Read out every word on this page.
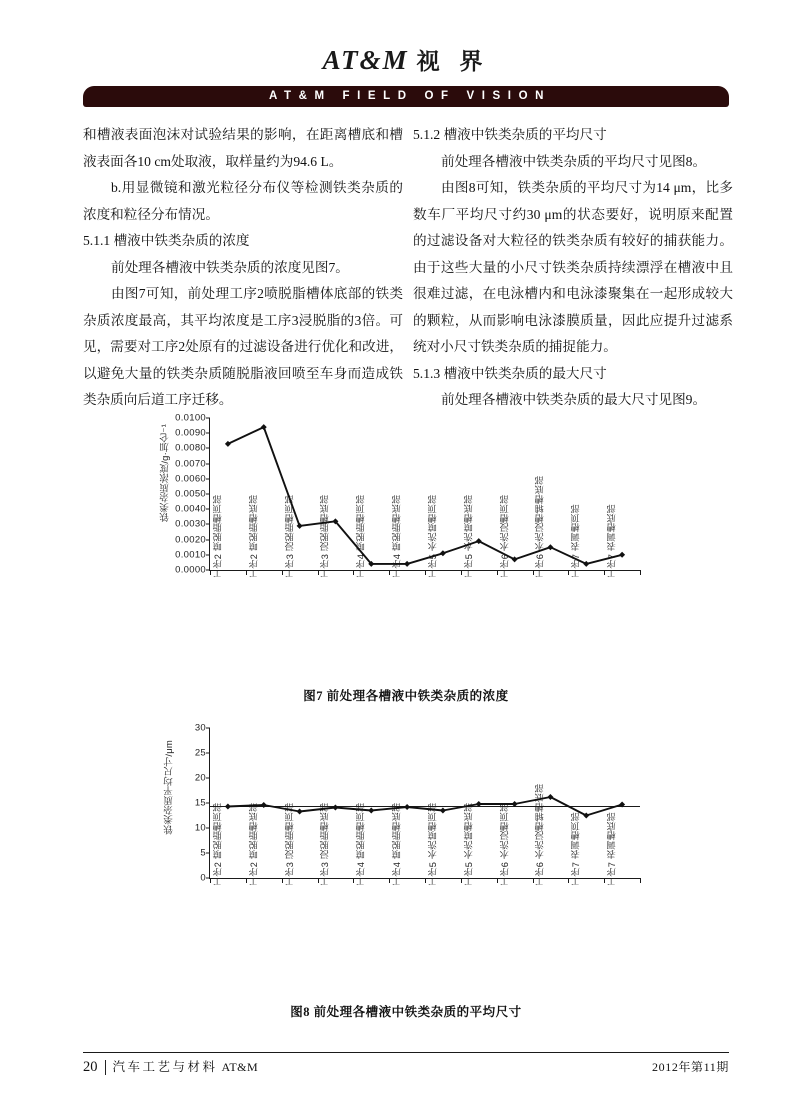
AT&M 视 界
AT&M FIELD OF VISION

和槽液表面泡沫对试验结果的影响，在距离槽底和槽液表面各10 cm处取液，取样量约为94.6 L。

b.用显微镜和激光粒径分布仪等检测铁类杂质的浓度和粒径分布情况。

5.1.1 槽液中铁类杂质的浓度

前处理各槽液中铁类杂质的浓度见图7。

由图7可知，前处理工序2喷脱脂槽体底部的铁类杂质浓度最高，其平均浓度是工序3浸脱脂的3倍。可见，需要对工序2处原有的过滤设备进行优化和改进，以避免大量的铁类杂质随脱脂液回喷至车身而造成铁类杂质向后道工序迁移。

5.1.2 槽液中铁类杂质的平均尺寸

前处理各槽液中铁类杂质的平均尺寸见图8。

由图8可知，铁类杂质的平均尺寸为14 μm，比多数车厂平均尺寸约30 μm的状态要好，说明原来配置的过滤设备对大粒径的铁类杂质有较好的捕获能力。由于这些大量的小尺寸铁类杂质持续漂浮在槽液中且很难过滤，在电泳槽内和电泳漆聚集在一起形成较大的颗粒，从而影响电泳漆膜质量，因此应提升过滤系统对小尺寸铁类杂质的捕捉能力。

5.1.3 槽液中铁类杂质的最大尺寸

前处理各槽液中铁类杂质的最大尺寸见图9。

铁类杂质浓度/g·加仑⁻¹
0.0100
0.0090
0.0080
0.0070
0.0060
0.0050
0.0040
0.0030
0.0020
0.0010
0.0000 工序2 喷脱脂槽顶部	工序2 喷脱脂槽底部	工序3 浸脱脂槽顶部	工序3 浸脱脂槽底部	工序4 喷脱脂槽顶部	工序4 喷脱脂槽底部	工序5 水洗喷槽顶部	工序5 水洗喷槽底部	工序6 水洗浸槽顶部	工序6 水洗浸槽辅槽底部	工序7 表调槽顶部	工序7 表调槽底部
图7 前处理各槽液中铁类杂质的浓度
铁类杂质平均尺寸/μm
30
25
20
15
10
5
0 工序2 喷脱脂槽顶部	工序2 喷脱脂槽底部	工序3 浸脱脂槽顶部	工序3 浸脱脂槽底部	工序4 喷脱脂槽顶部	工序4 喷脱脂槽底部	工序5 水洗喷槽顶部	工序5 水洗喷槽底部	工序6 水洗浸槽顶部	工序6 水洗浸槽辅槽底部	工序7 表调槽顶部	工序7 表调槽底部
图8 前处理各槽液中铁类杂质的平均尺寸
20	汽车工艺与材料 AT&M	2012年第11期
